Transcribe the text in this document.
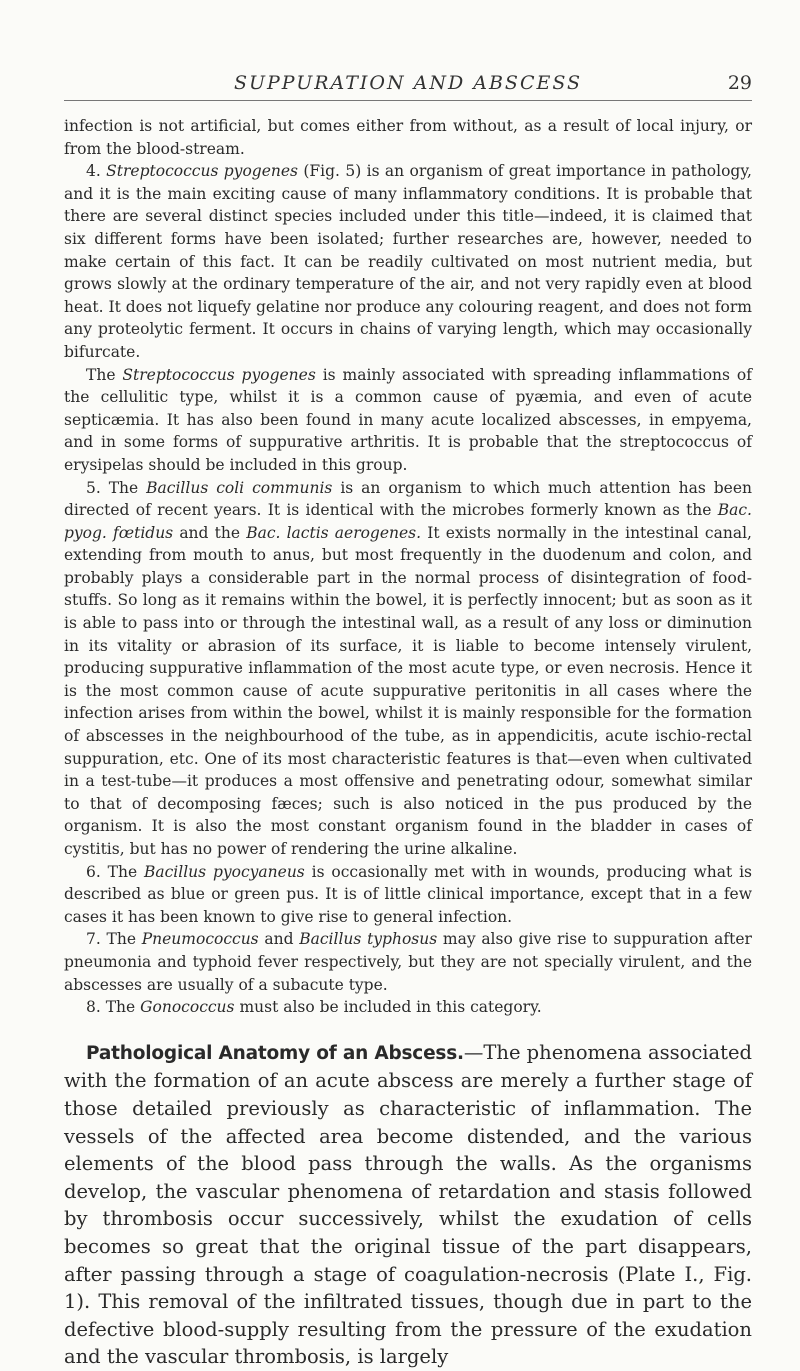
SUPPURATION AND ABSCESS	29

infection is not artificial, but comes either from without, as a result of local injury, or from the blood-stream.

4. Streptococcus pyogenes (Fig. 5) is an organism of great importance in pathology, and it is the main exciting cause of many inflammatory conditions. It is probable that there are several distinct species included under this title—indeed, it is claimed that six different forms have been isolated; further researches are, however, needed to make certain of this fact. It can be readily cultivated on most nutrient media, but grows slowly at the ordinary temperature of the air, and not very rapidly even at blood heat. It does not liquefy gelatine nor produce any colouring reagent, and does not form any proteolytic ferment. It occurs in chains of varying length, which may occasionally bifurcate.

The Streptococcus pyogenes is mainly associated with spreading inflammations of the cellulitic type, whilst it is a common cause of pyæmia, and even of acute septicæmia. It has also been found in many acute localized abscesses, in empyema, and in some forms of suppurative arthritis. It is probable that the streptococcus of erysipelas should be included in this group.

5. The Bacillus coli communis is an organism to which much attention has been directed of recent years. It is identical with the microbes formerly known as the Bac. pyog. fœtidus and the Bac. lactis aerogenes. It exists normally in the intestinal canal, extending from mouth to anus, but most frequently in the duodenum and colon, and probably plays a considerable part in the normal process of disintegration of food-stuffs. So long as it remains within the bowel, it is perfectly innocent; but as soon as it is able to pass into or through the intestinal wall, as a result of any loss or diminution in its vitality or abrasion of its surface, it is liable to become intensely virulent, producing suppurative inflammation of the most acute type, or even necrosis. Hence it is the most common cause of acute suppurative peritonitis in all cases where the infection arises from within the bowel, whilst it is mainly responsible for the formation of abscesses in the neighbourhood of the tube, as in appendicitis, acute ischio-rectal suppuration, etc. One of its most characteristic features is that—even when cultivated in a test-tube—it produces a most offensive and penetrating odour, somewhat similar to that of decomposing fæces; such is also noticed in the pus produced by the organism. It is also the most constant organism found in the bladder in cases of cystitis, but has no power of rendering the urine alkaline.

6. The Bacillus pyocyaneus is occasionally met with in wounds, producing what is described as blue or green pus. It is of little clinical importance, except that in a few cases it has been known to give rise to general infection.

7. The Pneumococcus and Bacillus typhosus may also give rise to suppuration after pneumonia and typhoid fever respectively, but they are not specially virulent, and the abscesses are usually of a subacute type.

8. The Gonococcus must also be included in this category.

Pathological Anatomy of an Abscess.—The phenomena associated with the formation of an acute abscess are merely a further stage of those detailed previously as characteristic of inflammation. The vessels of the affected area become distended, and the various elements of the blood pass through the walls. As the organisms develop, the vascular phenomena of retardation and stasis followed by thrombosis occur successively, whilst the exudation of cells becomes so great that the original tissue of the part disappears, after passing through a stage of coagulation-necrosis (Plate I., Fig. 1). This removal of the infiltrated tissues, though due in part to the defective blood-supply resulting from the pressure of the exudation and the vascular thrombosis, is largely
